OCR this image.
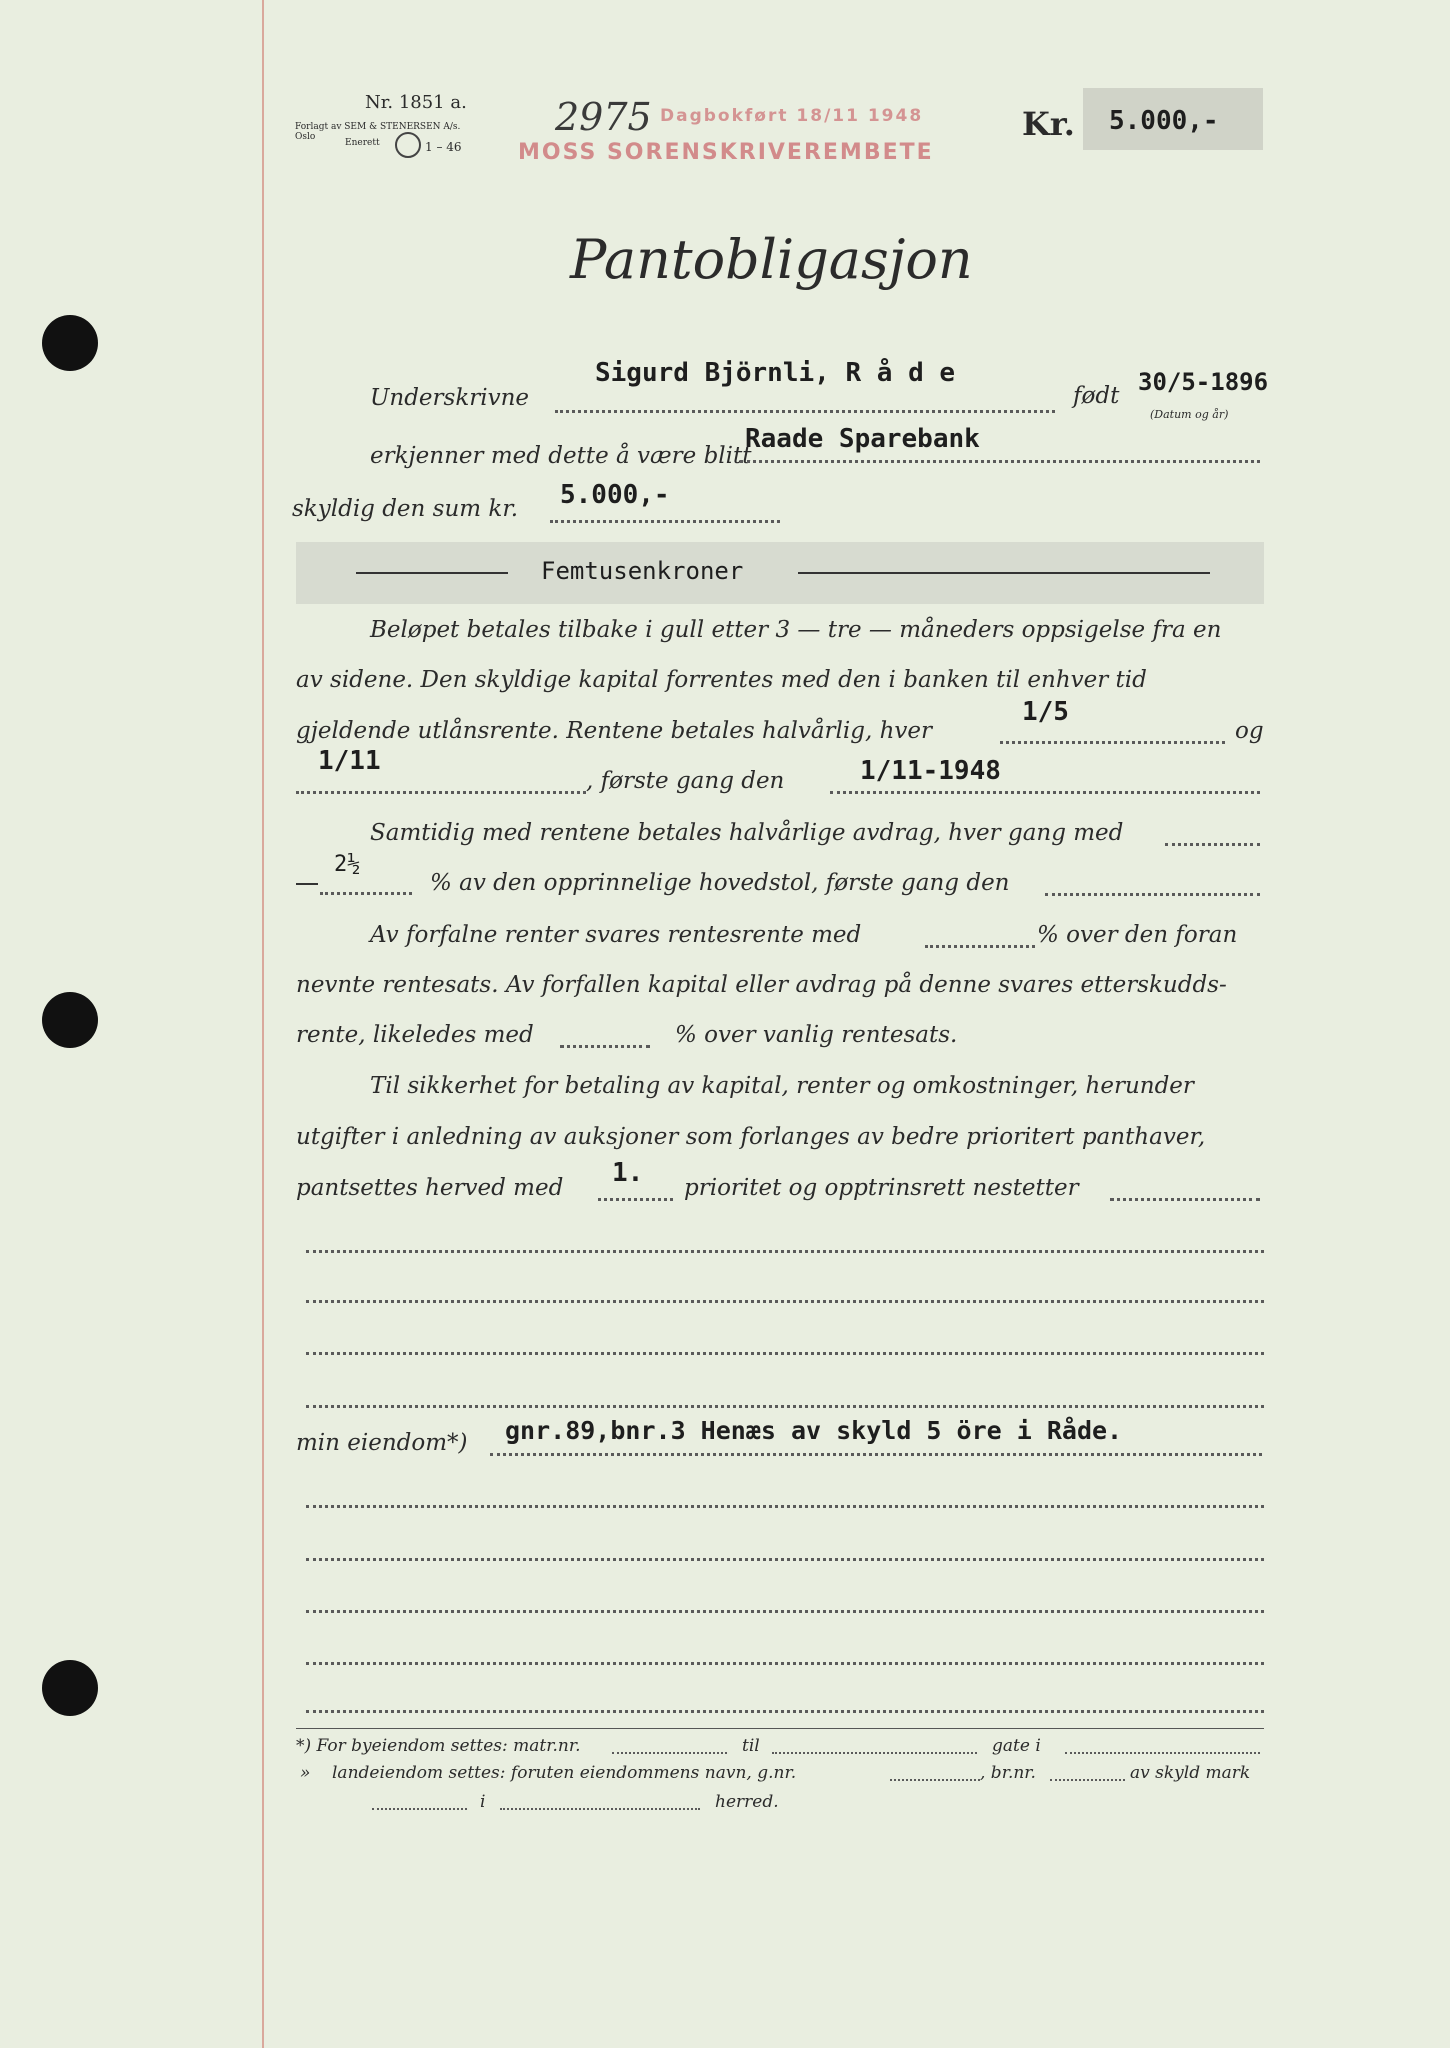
Nr. 1851 a.
Forlagt av SEM & STENERSEN A/s. Oslo
Enerett	1 – 46
2975 Dagbokført 18/11 1948
MOSS SORENSKRIVEREMBETE
Kr. 5.000,-
Pantobligasjon
Underskrivne
Sigurd Björnli, R å d e
født 30/5-1896
(Datum og år)
erkjenner med dette å være blitt
Raade Sparebank
skyldig den sum kr. 5.000,-
Femtusenkroner
Beløpet betales tilbake i gull etter 3 — tre — måneders oppsigelse fra en
av sidene. Den skyldige kapital forrentes med den i banken til enhver tid
gjeldende utlånsrente. Rentene betales halvårlig, hver
1/5
og
1/11
, første gang den	1/11-1948
Samtidig med rentene betales halvårlige avdrag, hver gang med
2½
% av den opprinnelige hovedstol, første gang den
Av forfalne renter svares rentesrente med	% over den foran
nevnte rentesats. Av forfallen kapital eller avdrag på denne svares etterskudds-
rente, likeledes med	% over vanlig rentesats.
Til sikkerhet for betaling av kapital, renter og omkostninger, herunder
utgifter i anledning av auksjoner som forlanges av bedre prioritert panthaver,
pantsettes herved med 1. prioritet og opptrinsrett nestetter
min eiendom*) gnr.89,bnr.3 Henæs av skyld 5 öre i Råde.
*) For byeiendom settes: matr.nr.	til	gate i
» landeiendom settes: foruten eiendommens navn, g.nr.	, br.nr.	av skyld mark
i	herred.
